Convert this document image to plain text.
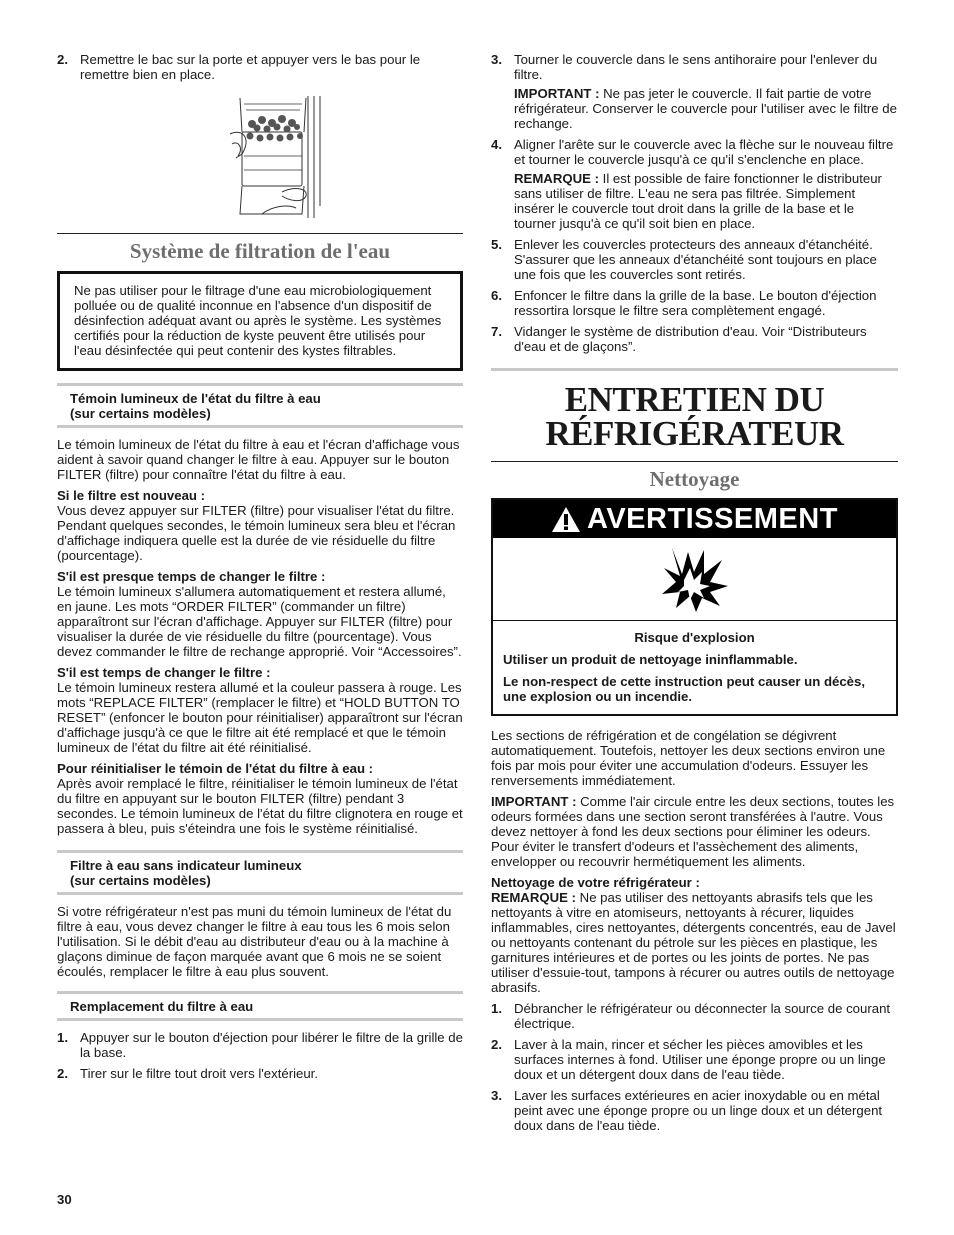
2. Remettre le bac sur la porte et appuyer vers le bas pour le remettre bien en place.
Système de filtration de l'eau

Ne pas utiliser pour le filtrage d'une eau microbiologiquement polluée ou de qualité inconnue en l'absence d'un dispositif de désinfection adéquat avant ou après le système. Les systèmes certifiés pour la réduction de kyste peuvent être utilisés pour l'eau désinfectée qui peut contenir des kystes filtrables.

Témoin lumineux de l'état du filtre à eau
(sur certains modèles)

Le témoin lumineux de l'état du filtre à eau et l'écran d'affichage vous aident à savoir quand changer le filtre à eau. Appuyer sur le bouton FILTER (filtre) pour connaître l'état du filtre à eau.

Si le filtre est nouveau :

Vous devez appuyer sur FILTER (filtre) pour visualiser l'état du filtre. Pendant quelques secondes, le témoin lumineux sera bleu et l'écran d'affichage indiquera quelle est la durée de vie résiduelle du filtre (pourcentage).

S'il est presque temps de changer le filtre :

Le témoin lumineux s'allumera automatiquement et restera allumé, en jaune. Les mots “ORDER FILTER” (commander un filtre) apparaîtront sur l'écran d'affichage. Appuyer sur FILTER (filtre) pour visualiser la durée de vie résiduelle du filtre (pourcentage). Vous devez commander le filtre de rechange approprié. Voir “Accessoires”.

S'il est temps de changer le filtre :

Le témoin lumineux restera allumé et la couleur passera à rouge. Les mots “REPLACE FILTER” (remplacer le filtre) et “HOLD BUTTON TO RESET” (enfoncer le bouton pour réinitialiser) apparaîtront sur l'écran d'affichage jusqu'à ce que le filtre ait été remplacé et que le témoin lumineux de l'état du filtre ait été réinitialisé.

Pour réinitialiser le témoin de l'état du filtre à eau :

Après avoir remplacé le filtre, réinitialiser le témoin lumineux de l'état du filtre en appuyant sur le bouton FILTER (filtre) pendant 3 secondes. Le témoin lumineux de l'état du filtre clignotera en rouge et passera à bleu, puis s'éteindra une fois le système réinitialisé.

Filtre à eau sans indicateur lumineux
(sur certains modèles)

Si votre réfrigérateur n'est pas muni du témoin lumineux de l'état du filtre à eau, vous devez changer le filtre à eau tous les 6 mois selon l'utilisation. Si le débit d'eau au distributeur d'eau ou à la machine à glaçons diminue de façon marquée avant que 6 mois ne se soient écoulés, remplacer le filtre à eau plus souvent.

Remplacement du filtre à eau
1. Appuyer sur le bouton d'éjection pour libérer le filtre de la grille de la base.
2. Tirer sur le filtre tout droit vers l'extérieur.
3. Tourner le couvercle dans le sens antihoraire pour l'enlever du filtre.

IMPORTANT : Ne pas jeter le couvercle. Il fait partie de votre réfrigérateur. Conserver le couvercle pour l'utiliser avec le filtre de rechange.

4. Aligner l'arête sur le couvercle avec la flèche sur le nouveau filtre et tourner le couvercle jusqu'à ce qu'il s'enclenche en place.

REMARQUE : Il est possible de faire fonctionner le distributeur sans utiliser de filtre. L'eau ne sera pas filtrée. Simplement insérer le couvercle tout droit dans la grille de la base et le tourner jusqu'à ce qu'il soit bien en place.

5. Enlever les couvercles protecteurs des anneaux d'étanchéité. S'assurer que les anneaux d'étanchéité sont toujours en place une fois que les couvercles sont retirés.
6. Enfoncer le filtre dans la grille de la base. Le bouton d'éjection ressortira lorsque le filtre sera complètement engagé.
7. Vidanger le système de distribution d'eau. Voir “Distributeurs d'eau et de glaçons”.
ENTRETIEN DU
RÉFRIGÉRATEUR
Nettoyage
AVERTISSEMENT

Risque d'explosion

Utiliser un produit de nettoyage ininflammable.

Le non-respect de cette instruction peut causer un décès, une explosion ou un incendie.

Les sections de réfrigération et de congélation se dégivrent automatiquement. Toutefois, nettoyer les deux sections environ une fois par mois pour éviter une accumulation d'odeurs. Essuyer les renversements immédiatement.

IMPORTANT : Comme l'air circule entre les deux sections, toutes les odeurs formées dans une section seront transférées à l'autre. Vous devez nettoyer à fond les deux sections pour éliminer les odeurs. Pour éviter le transfert d'odeurs et l'assèchement des aliments, envelopper ou recouvrir hermétiquement les aliments.

Nettoyage de votre réfrigérateur :

REMARQUE : Ne pas utiliser des nettoyants abrasifs tels que les nettoyants à vitre en atomiseurs, nettoyants à récurer, liquides inflammables, cires nettoyantes, détergents concentrés, eau de Javel ou nettoyants contenant du pétrole sur les pièces en plastique, les garnitures intérieures et de portes ou les joints de portes. Ne pas utiliser d'essuie-tout, tampons à récurer ou autres outils de nettoyage abrasifs.

1. Débrancher le réfrigérateur ou déconnecter la source de courant électrique.
2. Laver à la main, rincer et sécher les pièces amovibles et les surfaces internes à fond. Utiliser une éponge propre ou un linge doux et un détergent doux dans de l'eau tiède.
3. Laver les surfaces extérieures en acier inoxydable ou en métal peint avec une éponge propre ou un linge doux et un détergent doux dans de l'eau tiède.
30
